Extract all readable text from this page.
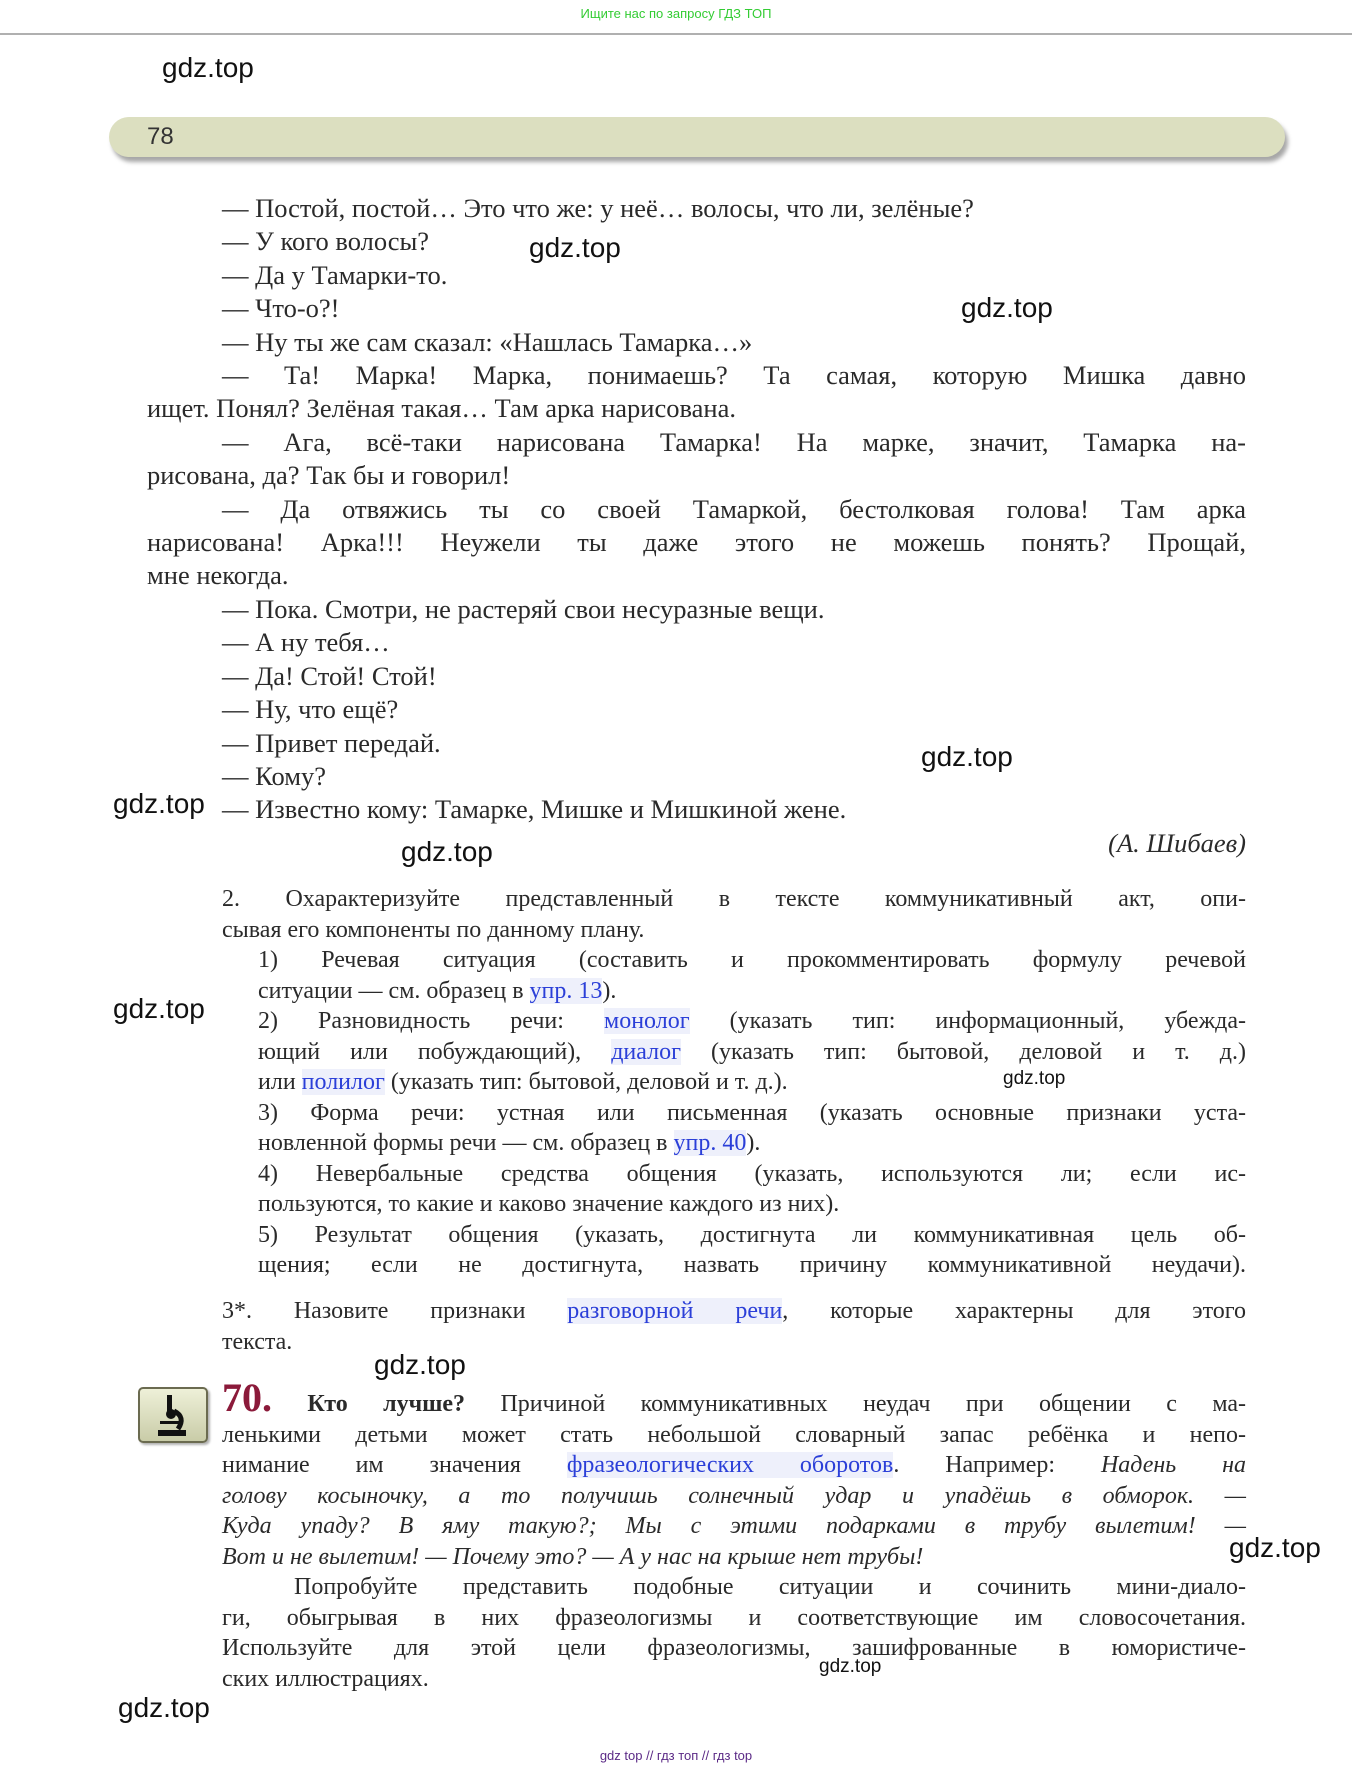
Ищите нас по запросу ГДЗ ТОП
78
— Постой, постой… Это что же: у неё… волосы, что ли, зелёные?
— У кого волосы?
— Да у Тамарки-то.
— Что-о?!
— Ну ты же сам сказал: «Нашлась Тамарка…»
— Та! Марка! Марка, понимаешь? Та самая, которую Мишка давно
ищет. Понял? Зелёная такая… Там арка нарисована.
— Ага, всё-таки нарисована Тамарка! На марке, значит, Тамарка на-
рисована, да? Так бы и говорил!
— Да отвяжись ты со своей Тамаркой, бестолковая голова! Там арка
нарисована! Арка!!! Неужели ты даже этого не можешь понять? Прощай,
мне некогда.
— Пока. Смотри, не растеряй свои несуразные вещи.
— А ну тебя…
— Да! Стой! Стой!
— Ну, что ещё?
— Привет передай.
— Кому?
— Известно кому: Тамарке, Мишке и Мишкиной жене.
(А. Шибаев)
2. Охарактеризуйте представленный в тексте коммуникативный акт, опи-
сывая его компоненты по данному плану.
1) Речевая ситуация (составить и прокомментировать формулу речевой
ситуации — см. образец в упр. 13).
2) Разновидность речи: монолог (указать тип: информационный, убежда-
ющий или побуждающий), диалог (указать тип: бытовой, деловой и т. д.)
или полилог (указать тип: бытовой, деловой и т. д.).
3) Форма речи: устная или письменная (указать основные признаки уста-
новленной формы речи — см. образец в упр. 40).
4) Невербальные средства общения (указать, используются ли; если ис-
пользуются, то какие и каково значение каждого из них).
5) Результат общения (указать, достигнута ли коммуникативная цель об-
щения; если не достигнута, назвать причину коммуникативной неудачи).
3*. Назовите признаки разговорной речи, которые характерны для этого
текста.
70. Кто лучше? Причиной коммуникативных неудач при общении с ма-
ленькими детьми может стать небольшой словарный запас ребёнка и непо-
нимание им значения фразеологических оборотов. Например: Надень на
голову косыночку, а то получишь солнечный удар и упадёшь в обморок. —
Куда упаду? В яму такую?; Мы с этими подарками в трубу вылетим! —
Вот и не вылетим! — Почему это? — А у нас на крыше нет трубы!
Попробуйте представить подобные ситуации и сочинить мини-диало-
ги, обыгрывая в них фразеологизмы и соответствующие им словосочетания.
Используйте для этой цели фразеологизмы, зашифрованные в юмористиче-
ских иллюстрациях.
gdz.top
gdz.top
gdz.top
gdz.top
gdz.top
gdz.top
gdz.top
gdz.top
gdz.top
gdz.top
gdz.top
gdz.top
gdz top // гдз топ // гдз top
